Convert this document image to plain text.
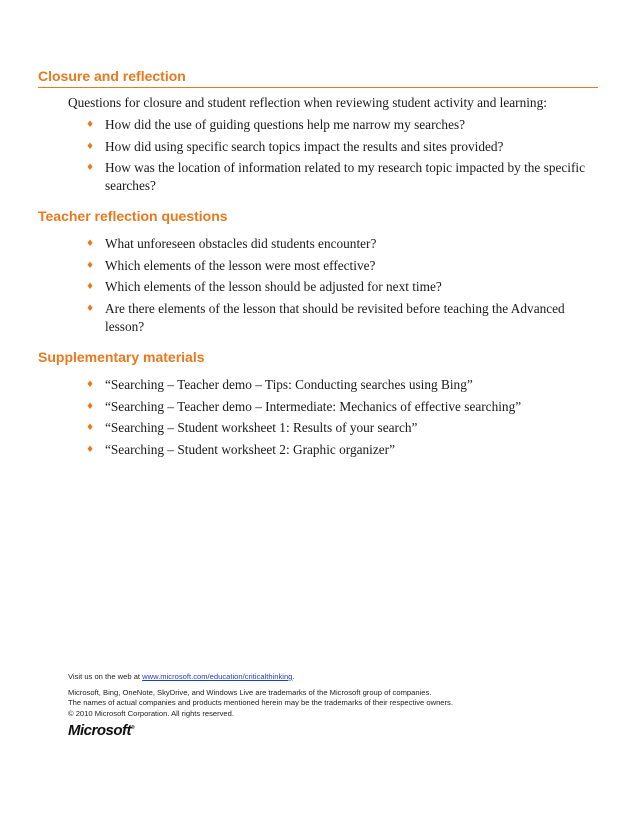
Closure and reflection

Questions for closure and student reflection when reviewing student activity and learning:

♦ How did the use of guiding questions help me narrow my searches?
♦ How did using specific search topics impact the results and sites provided?
♦ How was the location of information related to my research topic impacted by the specific searches?
Teacher reflection questions
♦ What unforeseen obstacles did students encounter?
♦ Which elements of the lesson were most effective?
♦ Which elements of the lesson should be adjusted for next time?
♦ Are there elements of the lesson that should be revisited before teaching the Advanced lesson?
Supplementary materials
♦ “Searching – Teacher demo – Tips: Conducting searches using Bing”
♦ “Searching – Teacher demo – Intermediate: Mechanics of effective searching”
♦ “Searching – Student worksheet 1: Results of your search”
♦ “Searching – Student worksheet 2: Graphic organizer”
Visit us on the web at www.microsoft.com/education/criticalthinking.
Microsoft, Bing, OneNote, SkyDrive, and Windows Live are trademarks of the Microsoft group of companies.
The names of actual companies and products mentioned herein may be the trademarks of their respective owners.
© 2010 Microsoft Corporation. All rights reserved.
Microsoft®
